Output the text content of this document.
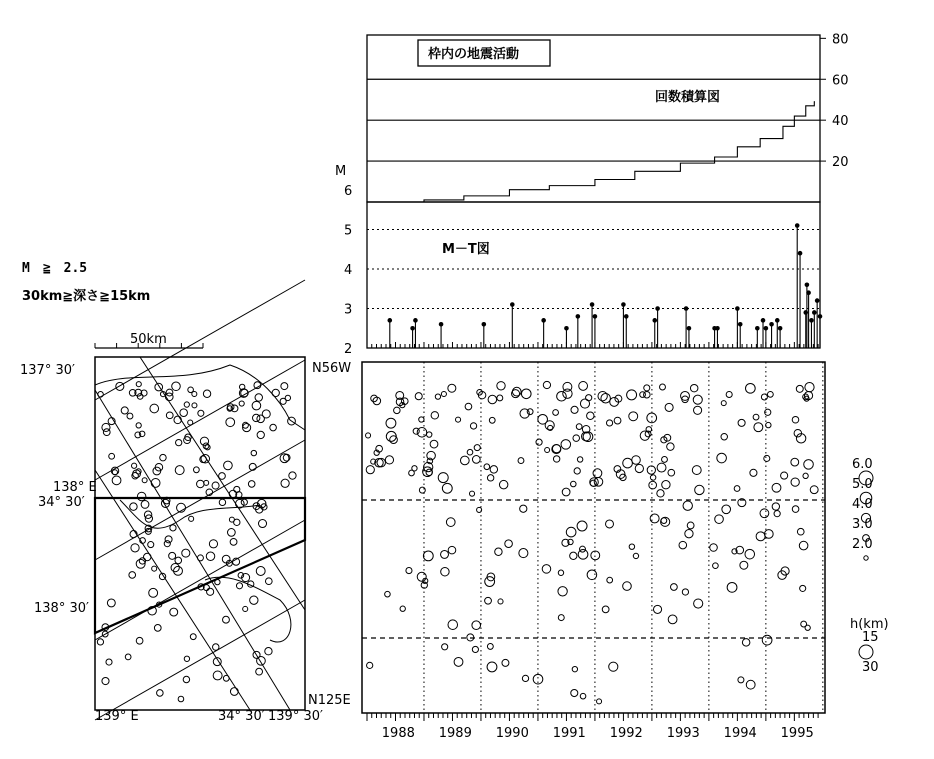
M　≧　2.5
30km≧深さ≧15km
50km
137° 30′
138° E
34° 30′
138° 30′
139° E	34° 30′ 139° 30′
N56W
N125E
枠内の地震活動
回数積算図
20
40
60
80
M－T図
M
2
3
4
5
6
1988 1989 1990 1991 1992 1993 1994 1995
h(km)
15
30
6.0
5.0
4.0
3.0
2.0
